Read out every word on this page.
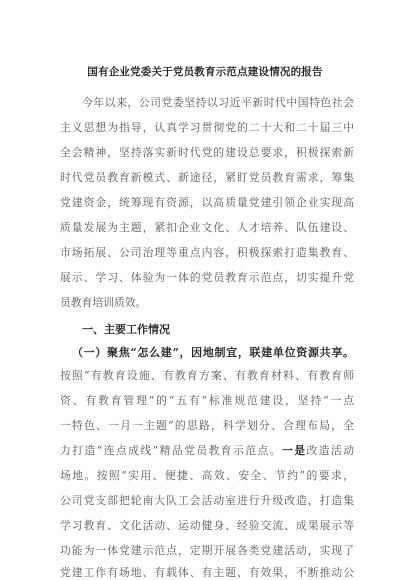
国有企业党委关于党员教育示范点建设情况的报告
今年以来，公司党委坚持以习近平新时代中国特色社会
主义思想为指导，认真学习贯彻党的二十大和二十届三中
全会精神，坚持落实新时代党的建设总要求，积极探索新
时代党员教育新模式、新途径，紧盯党员教育需求，筹集
党建资金，统筹现有资源，以高质量党建引领企业实现高
质量发展为主题，紧扣企业文化、人才培养、队伍建设、
市场拓展、公司治理等重点内容，积极探索打造集教育、
展示、学习、体验为一体的党员教育示范点，切实提升党
员教育培训质效。
一、主要工作情况
（一）聚焦“怎么建”，因地制宜，联建单位资源共享。
按照“有教育设施、有教育方案、有教育材料、有教育师
资、有教育管理”的“五有”标准规范建设，坚持“一点
一特色、一月一主题”的思路，科学划分、合理布局，全
力打造“连点成线”精品党员教育示范点。一是改造活动
场地。按照“实用、便捷、高效、安全、节约”的要求，
公司党支部把轮南大队工会活动室进行升级改造，打造集
学习教育、文化活动、运动健身、经验交流、成果展示等
功能为一体党建示范点，定期开展各类党建活动，实现了
党建工作有场地、有载体、有主题、有效果，不断推动公
